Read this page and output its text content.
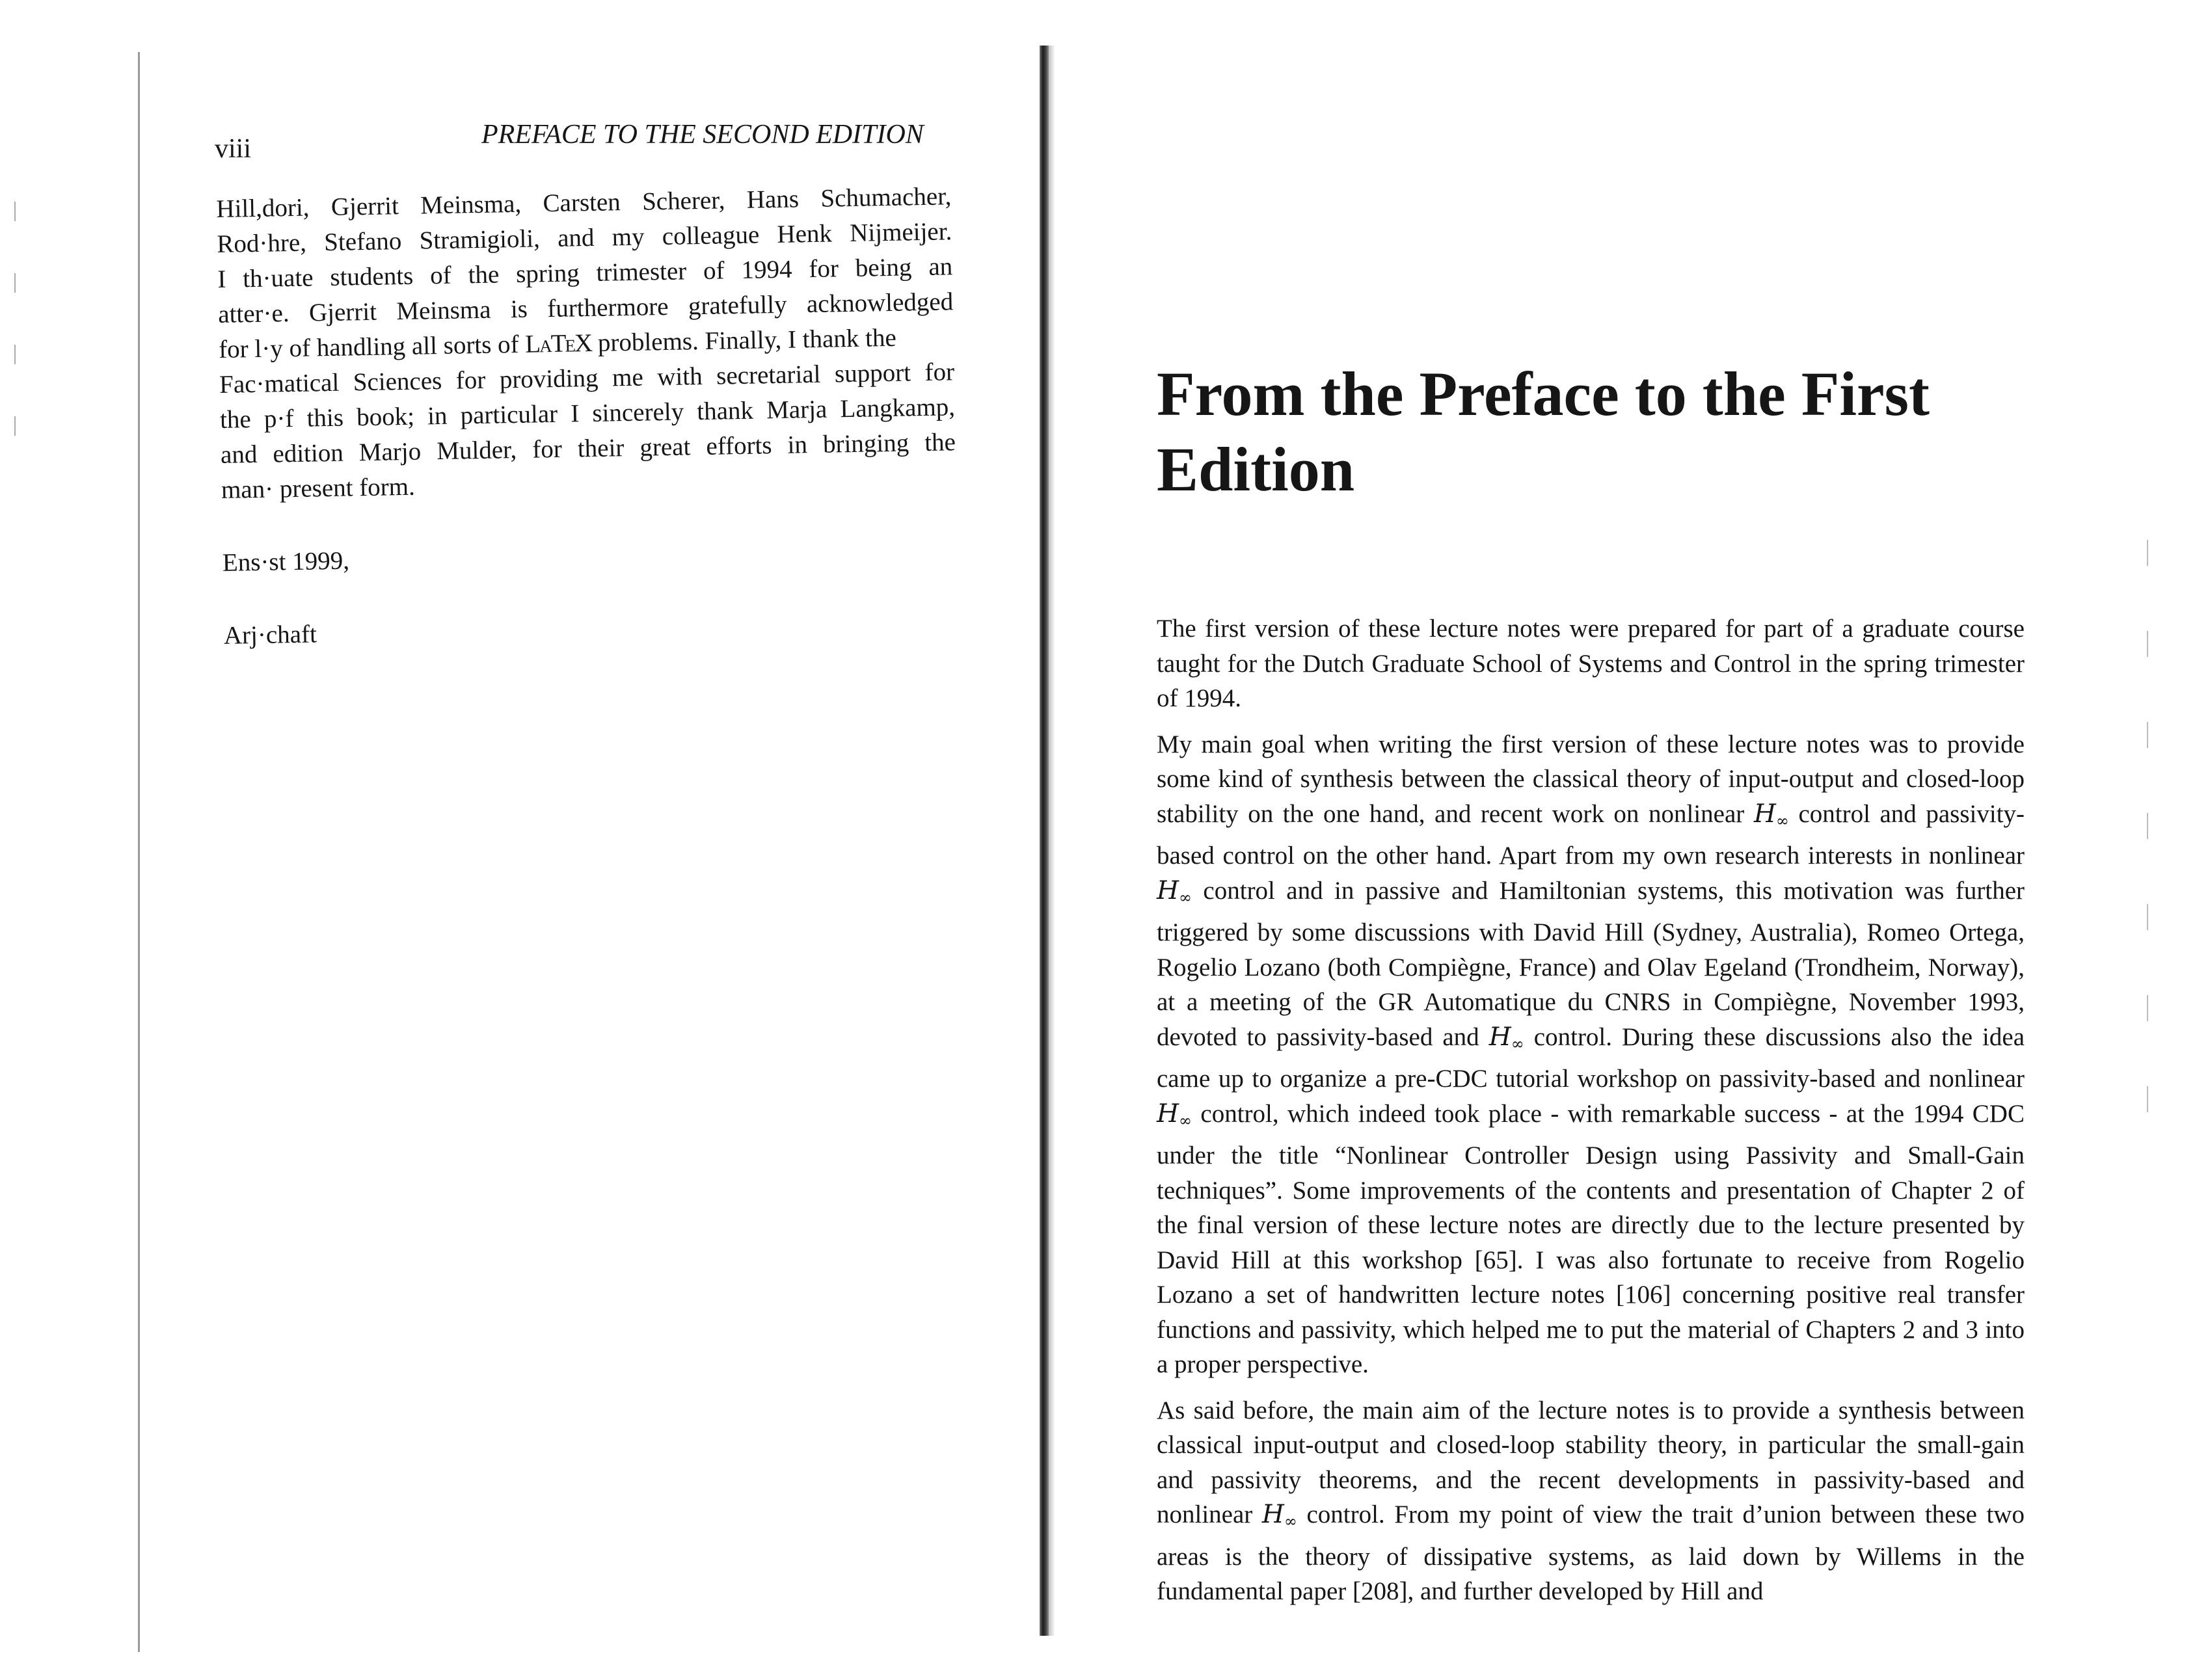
viii	PREFACE TO THE SECOND EDITION
Hill,dori, Gjerrit Meinsma, Carsten Scherer, Hans Schumacher,
Rod·hre, Stefano Stramigioli, and my colleague Henk Nijmeijer.
I th·uate students of the spring trimester of 1994 for being an
atter·e. Gjerrit Meinsma is furthermore gratefully acknowledged
for l·y of handling all sorts of LaTeX problems. Finally, I thank the
Fac·matical Sciences for providing me with secretarial support for
the p·f this book; in particular I sincerely thank Marja Langkamp,
and edition Marjo Mulder, for their great efforts in bringing the
man· present form.
Ens·st 1999,
Arj·chaft
From the Preface to the First
Edition

The first version of these lecture notes were prepared for part of a graduate course taught for the Dutch Graduate School of Systems and Control in the spring trimester of 1994.

My main goal when writing the first version of these lecture notes was to provide some kind of synthesis between the classical theory of input-output and closed-loop stability on the one hand, and recent work on nonlinear $H_\infty$ control and passivity-based control on the other hand. Apart from my own research interests in nonlinear $H_\infty$ control and in passive and Hamiltonian systems, this motivation was further triggered by some discussions with David Hill (Sydney, Australia), Romeo Ortega, Rogelio Lozano (both Compiègne, France) and Olav Egeland (Trondheim, Norway), at a meeting of the GR Automatique du CNRS in Compiègne, November 1993, devoted to passivity-based and $H_\infty$ control. During these discussions also the idea came up to organize a pre-CDC tutorial workshop on passivity-based and nonlinear $H_\infty$ control, which indeed took place - with remarkable success - at the 1994 CDC under the title “Nonlinear Controller Design using Passivity and Small-Gain techniques”. Some improvements of the contents and presentation of Chapter 2 of the final version of these lecture notes are directly due to the lecture presented by David Hill at this workshop [65]. I was also fortunate to receive from Rogelio Lozano a set of handwritten lecture notes [106] concerning positive real transfer functions and passivity, which helped me to put the material of Chapters 2 and 3 into a proper perspective.

As said before, the main aim of the lecture notes is to provide a synthesis between classical input-output and closed-loop stability theory, in particular the small-gain and passivity theorems, and the recent developments in passivity-based and nonlinear $H_\infty$ control. From my point of view the trait d’union between these two areas is the theory of dissipative systems, as laid down by Willems in the fundamental paper [208], and further developed by Hill and
